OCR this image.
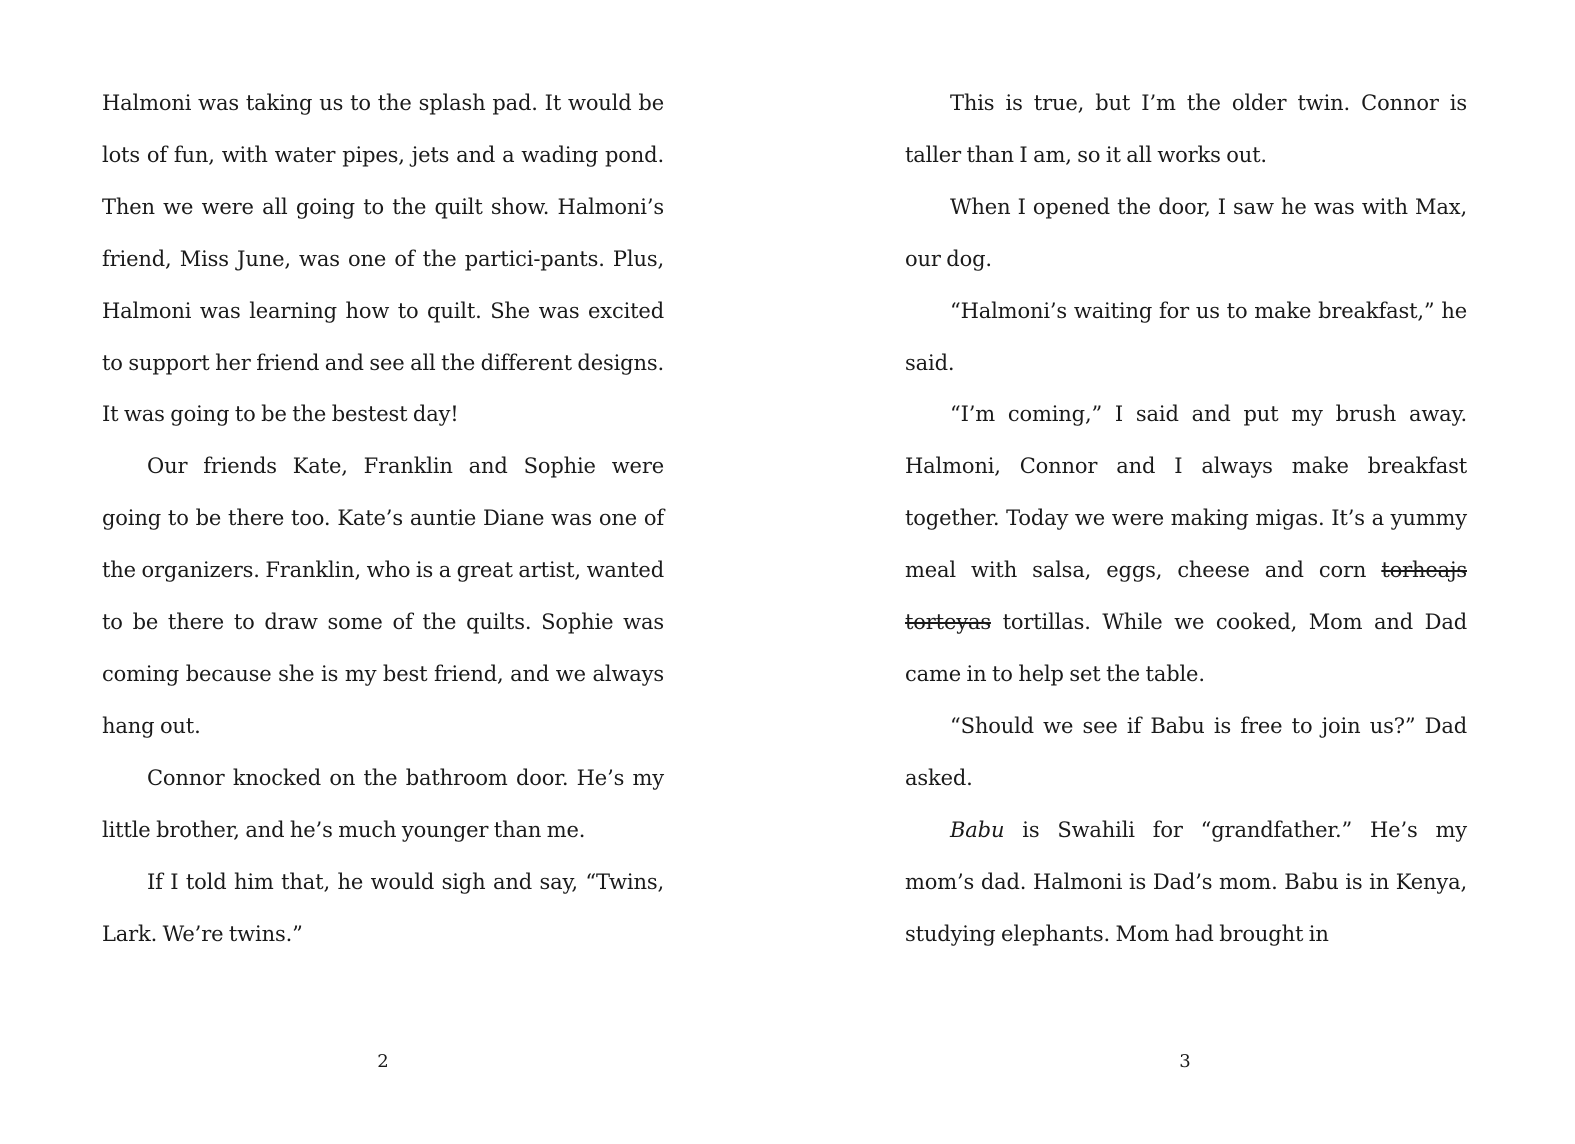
Halmoni was taking us to the splash pad. It would be lots of fun, with water pipes, jets and a wading pond. Then we were all going to the quilt show. Halmoni’s friend, Miss June, was one of the partici-pants. Plus, Halmoni was learning how to quilt. She was excited to support her friend and see all the different designs. It was going to be the bestest day!

Our friends Kate, Franklin and Sophie were going to be there too. Kate’s auntie Diane was one of the organizers. Franklin, who is a great artist, wanted to be there to draw some of the quilts. Sophie was coming because she is my best friend, and we always hang out.

Connor knocked on the bathroom door. He’s my little brother, and he’s much younger than me.

If I told him that, he would sigh and say, “Twins, Lark. We’re twins.”

This is true, but I’m the older twin. Connor is taller than I am, so it all works out.

When I opened the door, I saw he was with Max, our dog.

“Halmoni’s waiting for us to make breakfast,” he said.

“I’m coming,” I said and put my brush away. Halmoni, Connor and I always make breakfast together. Today we were making migas. It’s a yummy meal with salsa, eggs, cheese and corn torheajs torteyas tortillas. While we cooked, Mom and Dad came in to help set the table.

“Should we see if Babu is free to join us?” Dad asked.

Babu is Swahili for “grandfather.” He’s my mom’s dad. Halmoni is Dad’s mom. Babu is in Kenya, studying elephants. Mom had brought in

2	3
